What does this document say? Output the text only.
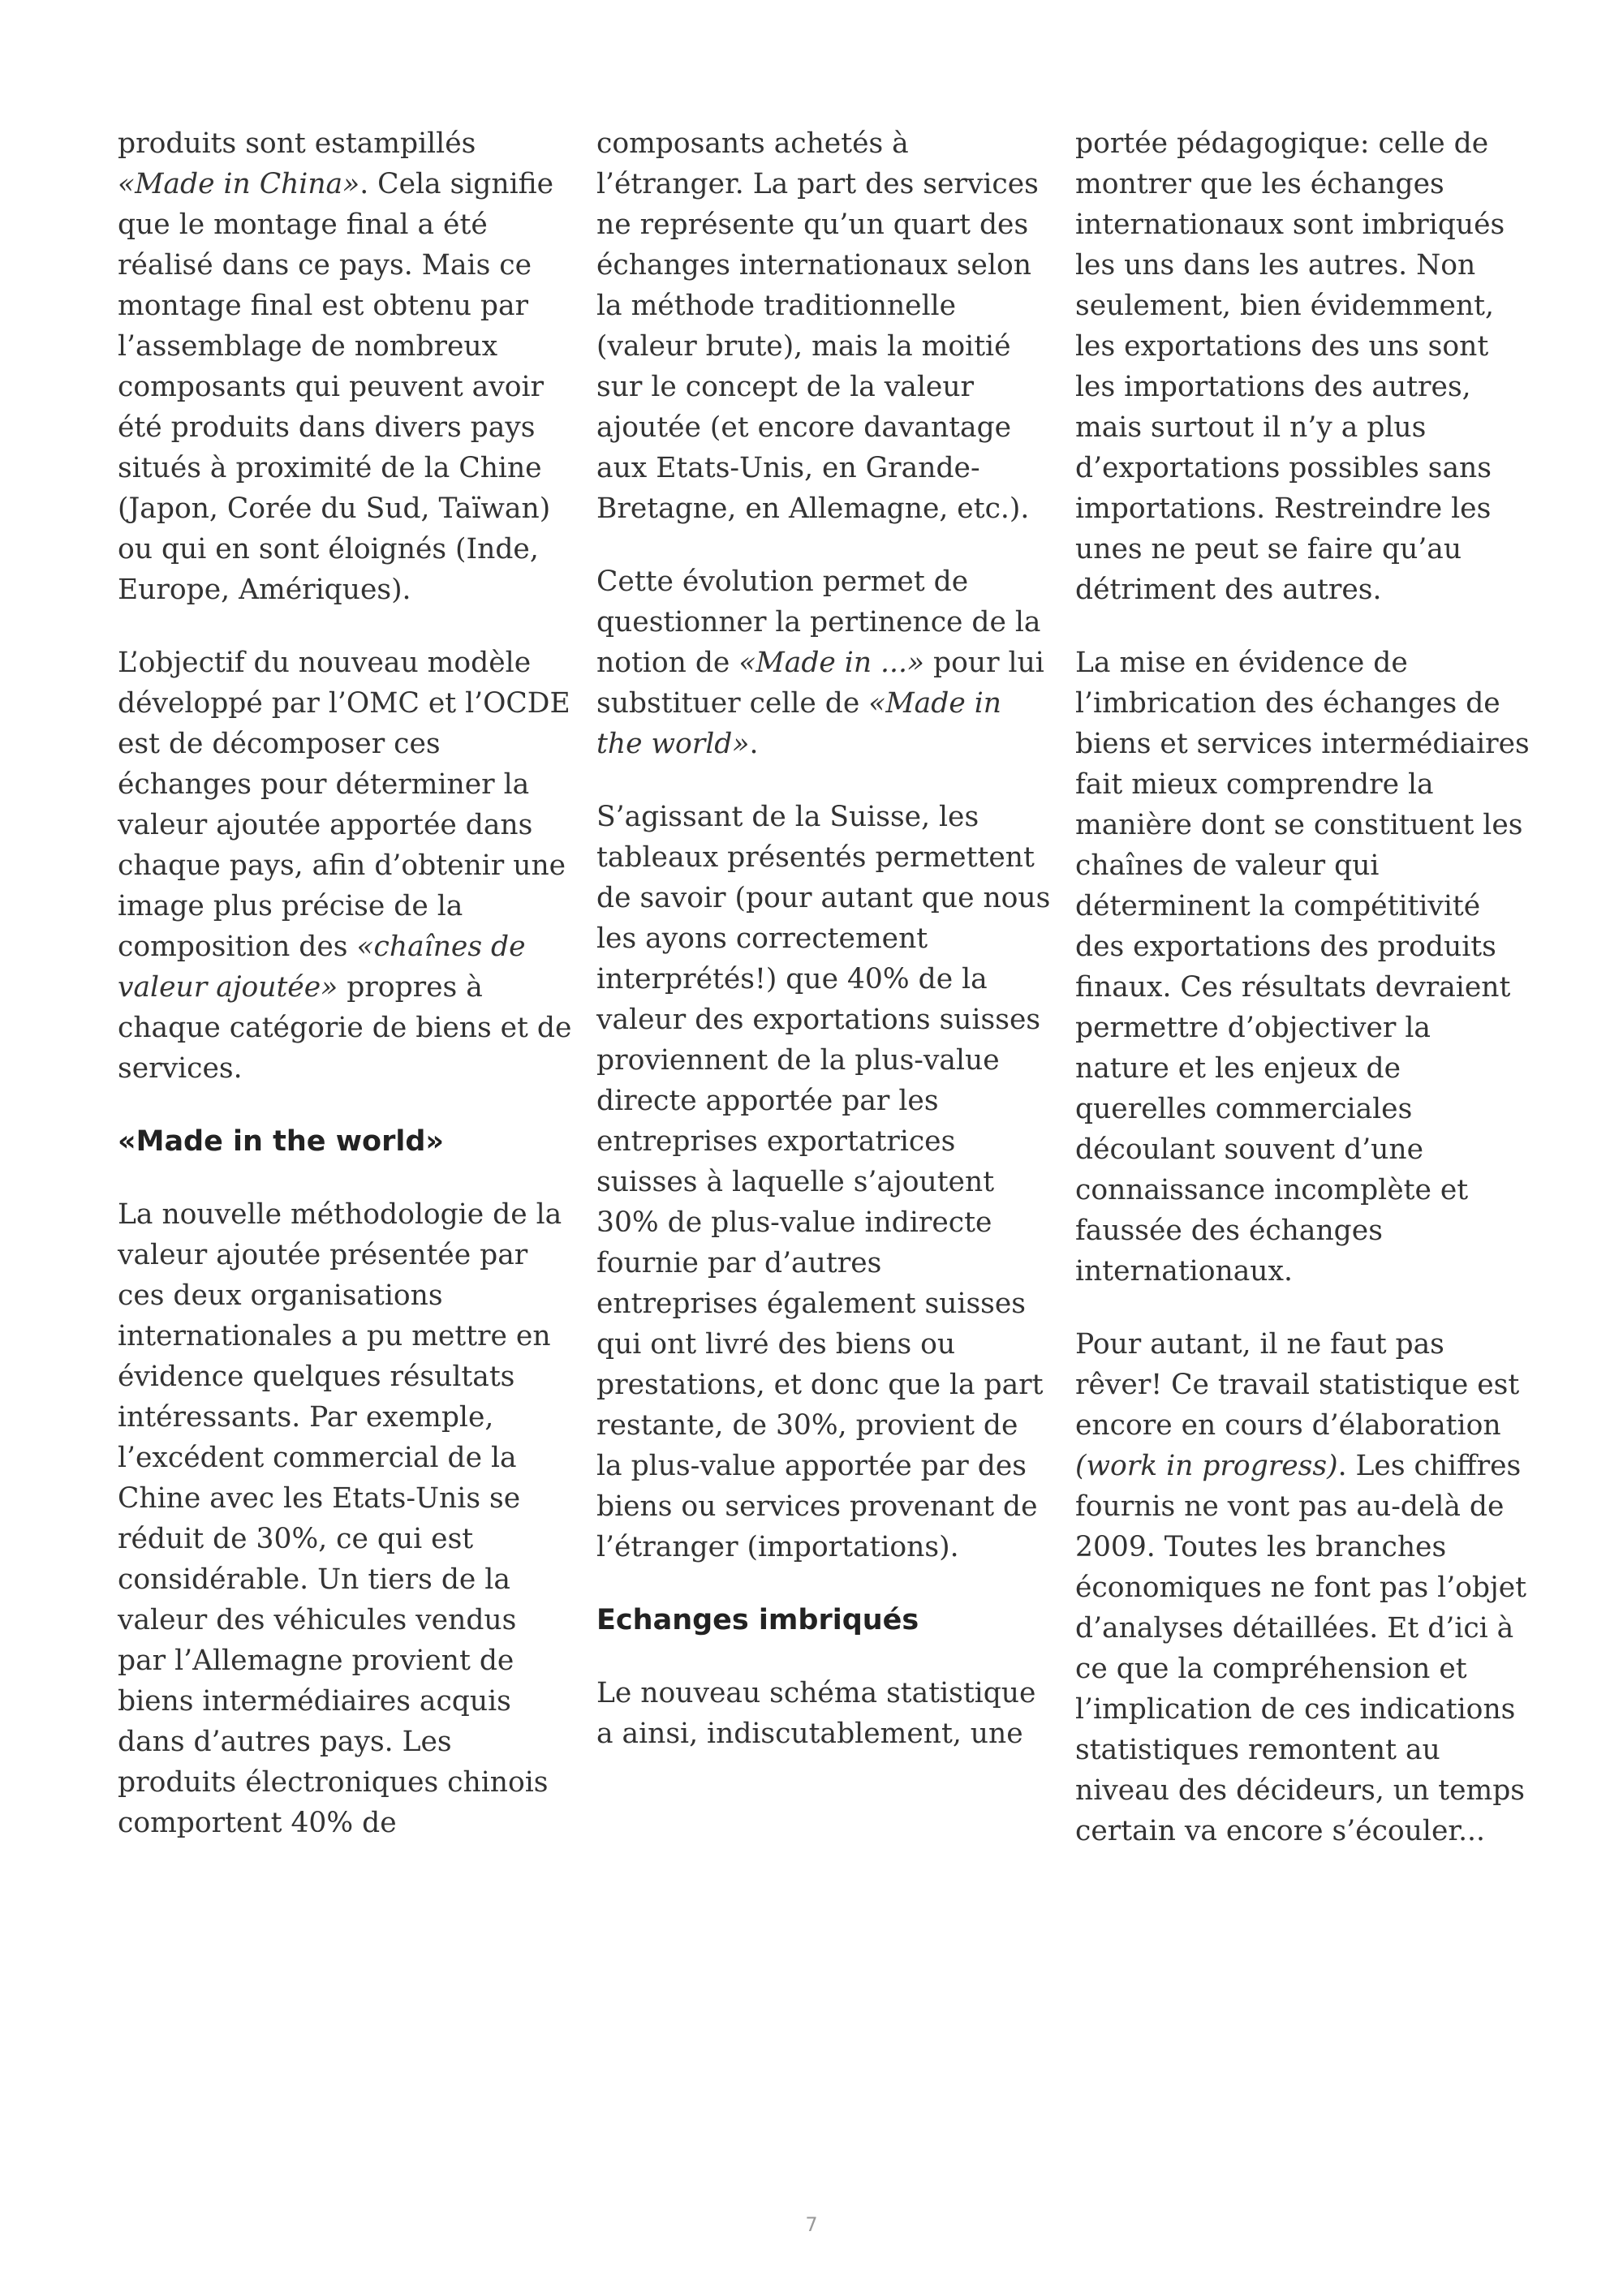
produits sont estampillés «Made in China». Cela signifie que le montage final a été réalisé dans ce pays. Mais ce montage final est obtenu par l’assemblage de nombreux composants qui peuvent avoir été produits dans divers pays situés à proximité de la Chine (Japon, Corée du Sud, Taïwan) ou qui en sont éloignés (Inde, Europe, Amériques).

L’objectif du nouveau modèle développé par l’OMC et l’OCDE est de décomposer ces échanges pour déterminer la valeur ajoutée apportée dans chaque pays, afin d’obtenir une image plus précise de la composition des «chaînes de valeur ajoutée» propres à chaque catégorie de biens et de services.

«Made in the world»

La nouvelle méthodologie de la valeur ajoutée présentée par ces deux organisations internationales a pu mettre en évidence quelques résultats intéressants. Par exemple, l’excédent commercial de la Chine avec les Etats-Unis se réduit de 30%, ce qui est considérable. Un tiers de la valeur des véhicules vendus par l’Allemagne provient de biens intermédiaires acquis dans d’autres pays. Les produits électroniques chinois comportent 40% de

composants achetés à l’étranger. La part des services ne représente qu’un quart des échanges internationaux selon la méthode traditionnelle (valeur brute), mais la moitié sur le concept de la valeur ajoutée (et encore davantage aux Etats-Unis, en Grande-Bretagne, en Allemagne, etc.).

Cette évolution permet de questionner la pertinence de la notion de «Made in ...» pour lui substituer celle de «Made in the world».

S’agissant de la Suisse, les tableaux présentés permettent de savoir (pour autant que nous les ayons correctement interprétés!) que 40% de la valeur des exportations suisses proviennent de la plus-value directe apportée par les entreprises exportatrices suisses à laquelle s’ajoutent 30% de plus-value indirecte fournie par d’autres entreprises également suisses qui ont livré des biens ou prestations, et donc que la part restante, de 30%, provient de la plus-value apportée par des biens ou services provenant de l’étranger (importations).

Echanges imbriqués

Le nouveau schéma statistique a ainsi, indiscutablement, une

portée pédagogique: celle de montrer que les échanges internationaux sont imbriqués les uns dans les autres. Non seulement, bien évidemment, les exportations des uns sont les importations des autres, mais surtout il n’y a plus d’exportations possibles sans importations. Restreindre les unes ne peut se faire qu’au détriment des autres.

La mise en évidence de l’imbrication des échanges de biens et services intermédiaires fait mieux comprendre la manière dont se constituent les chaînes de valeur qui déterminent la compétitivité des exportations des produits finaux. Ces résultats devraient permettre d’objectiver la nature et les enjeux de querelles commerciales découlant souvent d’une connaissance incomplète et faussée des échanges internationaux.

Pour autant, il ne faut pas rêver! Ce travail statistique est encore en cours d’élaboration (work in progress). Les chiffres fournis ne vont pas au-delà de 2009. Toutes les branches économiques ne font pas l’objet d’analyses détaillées. Et d’ici à ce que la compréhension et l’implication de ces indications statistiques remontent au niveau des décideurs, un temps certain va encore s’écouler...

7
